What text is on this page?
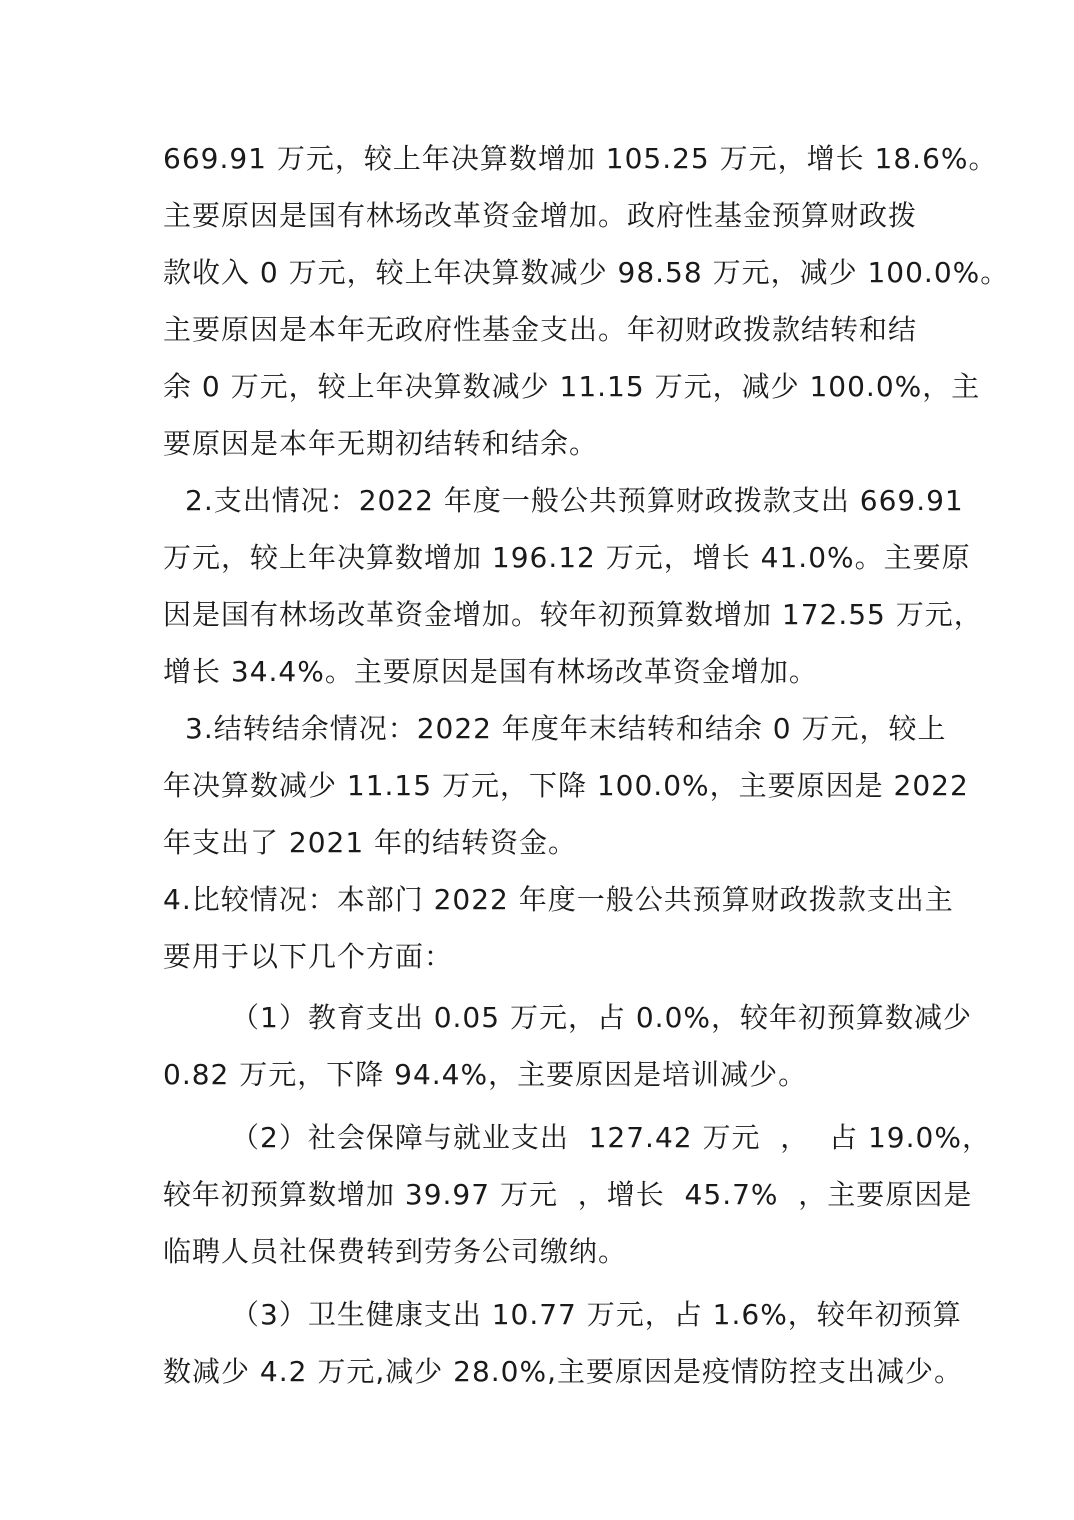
669.91 万元，较上年决算数增加 105.25 万元，增长 18.6%。
主要原因是国有林场改革资金增加。政府性基金预算财政拨
款收入 0 万元，较上年决算数减少 98.58 万元，减少 100.0%。
主要原因是本年无政府性基金支出。年初财政拨款结转和结
余 0 万元，较上年决算数减少 11.15 万元，减少 100.0%，主
要原因是本年无期初结转和结余。
2.支出情况：2022 年度一般公共预算财政拨款支出 669.91
万元，较上年决算数增加 196.12 万元，增长 41.0%。主要原
因是国有林场改革资金增加。较年初预算数增加 172.55 万元，
增长 34.4%。主要原因是国有林场改革资金增加。
3.结转结余情况：2022 年度年末结转和结余 0 万元，较上
年决算数减少 11.15 万元，下降 100.0%，主要原因是 2022
年支出了 2021 年的结转资金。
4.比较情况：本部门 2022 年度一般公共预算财政拨款支出主
要用于以下几个方面：
（1）教育支出 0.05 万元，占 0.0%，较年初预算数减少
0.82 万元，下降 94.4%，主要原因是培训减少。
（2）社会保障与就业支出  127.42 万元  ，  占 19.0%，
较年初预算数增加 39.97 万元  ，增长  45.7%  ，主要原因是
临聘人员社保费转到劳务公司缴纳。
（3）卫生健康支出 10.77 万元，占 1.6%，较年初预算
数减少 4.2 万元,减少 28.0%,主要原因是疫情防控支出减少。
